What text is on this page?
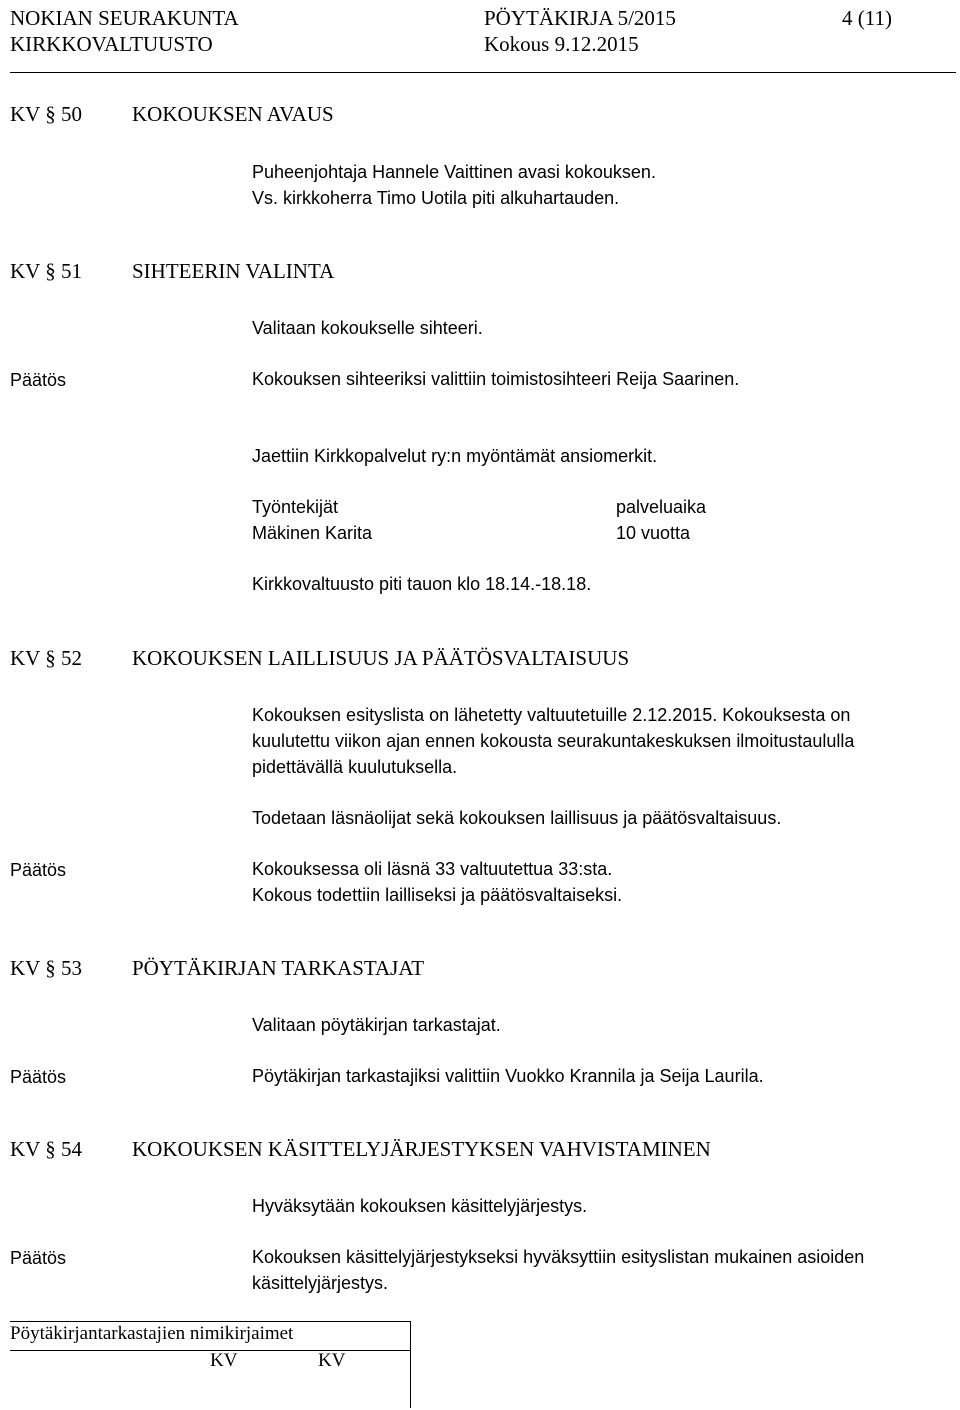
NOKIAN SEURAKUNTA
KIRKKOVALTUUSTO
PÖYTÄKIRJA 5/2015
Kokous 9.12.2015
4 (11)
KV § 50 KOKOUKSEN AVAUS
Puheenjohtaja Hannele Vaittinen avasi kokouksen.
Vs. kirkkoherra Timo Uotila piti alkuhartauden.
KV § 51 SIHTEERIN VALINTA
Valitaan kokoukselle sihteeri.
Päätös	Kokouksen sihteeriksi valittiin toimistosihteeri Reija Saarinen.
Jaettiin Kirkkopalvelut ry:n myöntämät ansiomerkit.
Työntekijät	palveluaika
Mäkinen Karita	10 vuotta
Kirkkovaltuusto piti tauon klo 18.14.-18.18.
KV § 52 KOKOUKSEN LAILLISUUS JA PÄÄTÖSVALTAISUUS
Kokouksen esityslista on lähetetty valtuutetuille 2.12.2015. Kokouksesta on
kuulutettu viikon ajan ennen kokousta seurakuntakeskuksen ilmoitustaululla
pidettävällä kuulutuksella.
Todetaan läsnäolijat sekä kokouksen laillisuus ja päätösvaltaisuus.
Päätös	Kokouksessa oli läsnä 33 valtuutettua 33:sta.
Kokous todettiin lailliseksi ja päätösvaltaiseksi.
KV § 53 PÖYTÄKIRJAN TARKASTAJAT
Valitaan pöytäkirjan tarkastajat.
Päätös	Pöytäkirjan tarkastajiksi valittiin Vuokko Krannila ja Seija Laurila.
KV § 54 KOKOUKSEN KÄSITTELYJÄRJESTYKSEN VAHVISTAMINEN
Hyväksytään kokouksen käsittelyjärjestys.
Päätös	Kokouksen käsittelyjärjestykseksi hyväksyttiin esityslistan mukainen asioiden
käsittelyjärjestys.
Pöytäkirjantarkastajien nimikirjaimet
KV	KV
